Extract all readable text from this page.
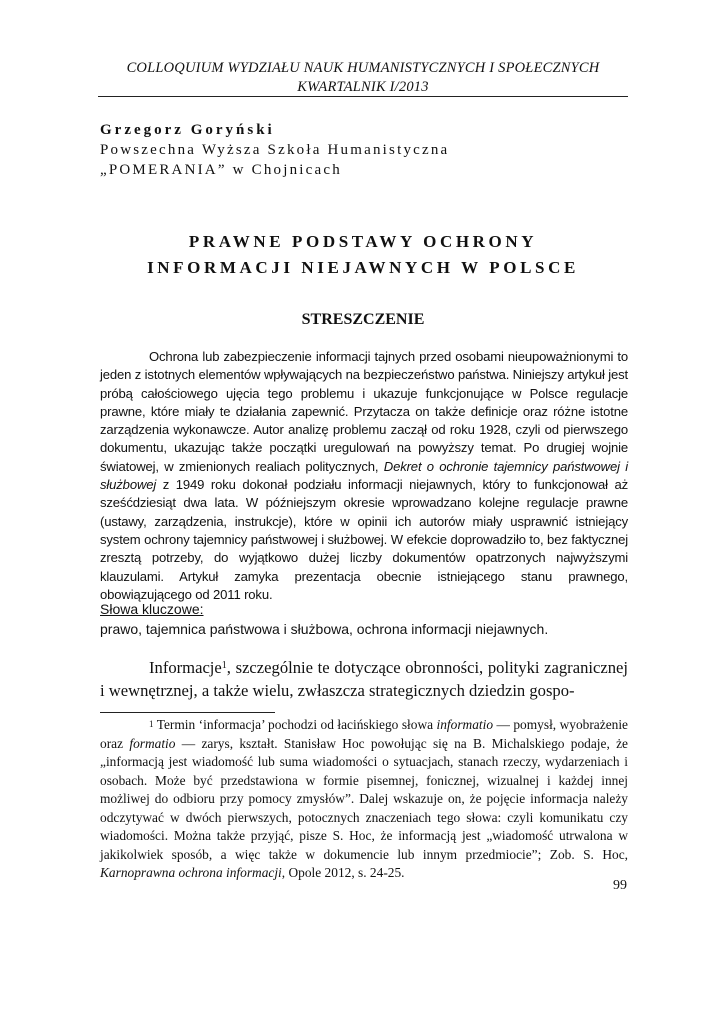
COLLOQUIUM WYDZIAŁU NAUK HUMANISTYCZNYCH I SPOŁECZNYCH
KWARTALNIK I/2013
Grzegorz Goryński
Powszechna Wyższa Szkoła Humanistyczna
„POMERANIA” w Chojnicach
PRAWNE PODSTAWY OCHRONY
INFORMACJI NIEJAWNYCH W POLSCE
STRESZCZENIE

Ochrona lub zabezpieczenie informacji tajnych przed osobami nieupoważnionymi to jeden z istotnych elementów wpływających na bezpieczeństwo państwa. Niniejszy artykuł jest próbą całościowego ujęcia tego problemu i ukazuje funkcjonujące w Polsce regulacje prawne, które miały te działania zapewnić. Przytacza on także definicje oraz różne istotne zarządzenia wykonawcze. Autor analizę problemu zaczął od roku 1928, czyli od pierwszego dokumentu, ukazując także początki uregulowań na powyższy temat. Po drugiej wojnie światowej, w zmienionych realiach politycznych, Dekret o ochronie tajemnicy państwowej i służbowej z 1949 roku dokonał podziału informacji niejawnych, który to funkcjonował aż sześćdziesiąt dwa lata. W późniejszym okresie wprowadzano kolejne regulacje prawne (ustawy, zarządzenia, instrukcje), które w opinii ich autorów miały usprawnić istniejący system ochrony tajemnicy państwowej i służbowej. W efekcie doprowadziło to, bez faktycznej zresztą potrzeby, do wyjątkowo dużej liczby dokumentów opatrzonych najwyższymi klauzulami. Artykuł zamyka prezentacja obecnie istniejącego stanu prawnego, obowiązującego od 2011 roku.

Słowa kluczowe:
prawo, tajemnica państwowa i służbowa, ochrona informacji niejawnych.

Informacje$^1$, szczególnie te dotyczące obronności, polityki zagranicznej i wewnętrznej, a także wielu, zwłaszcza strategicznych dziedzin gospo-

$^1$ Termin ‘informacja’ pochodzi od łacińskiego słowa informatio — pomysł, wyobrażenie oraz formatio — zarys, kształt. Stanisław Hoc powołując się na B. Michalskiego podaje, że „informacją jest wiadomość lub suma wiadomości o sytuacjach, stanach rzeczy, wydarzeniach i osobach. Może być przedstawiona w formie pisemnej, fonicznej, wizualnej i każdej innej możliwej do odbioru przy pomocy zmysłów”. Dalej wskazuje on, że pojęcie informacja należy odczytywać w dwóch pierwszych, potocznych znaczeniach tego słowa: czyli komunikatu czy wiadomości. Można także przyjąć, pisze S. Hoc, że informacją jest „wiadomość utrwalona w jakikolwiek sposób, a więc także w dokumencie lub innym przedmiocie”; Zob. S. Hoc, Karnoprawna ochrona informacji, Opole 2012, s. 24-25.

99
